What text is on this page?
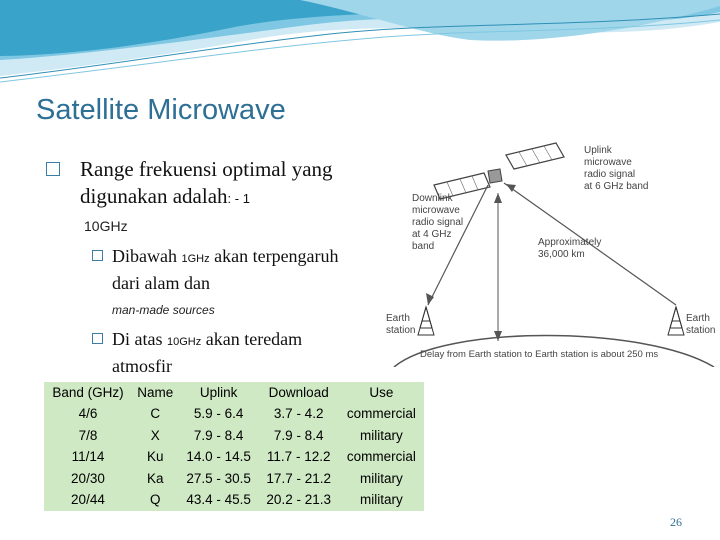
Satellite Microwave
Range frekuensi optimal yang digunakan adalah: - 1
10GHz
Dibawah 1GHz akan terpengaruh dari alam dan
man-made sources
Di atas 10GHz akan teredam atmosfir
Uplink microwave radio signal at 6 GHz band
Downlink microwave radio signal at 4 GHz band	Approximately 36,000 km
Earth station
Earth station
Delay from Earth station to Earth station is about 250 ms
Band (GHz)	Name	Uplink	Download	Use
4/6	C	5.9 - 6.4	3.7 - 4.2	commercial
7/8	X	7.9 - 8.4	7.9 - 8.4	military
11/14	Ku	14.0 - 14.5	11.7 - 12.2	commercial
20/30	Ka	27.5 - 30.5	17.7 - 21.2	military
20/44	Q	43.4 - 45.5	20.2 - 21.3	military
26
